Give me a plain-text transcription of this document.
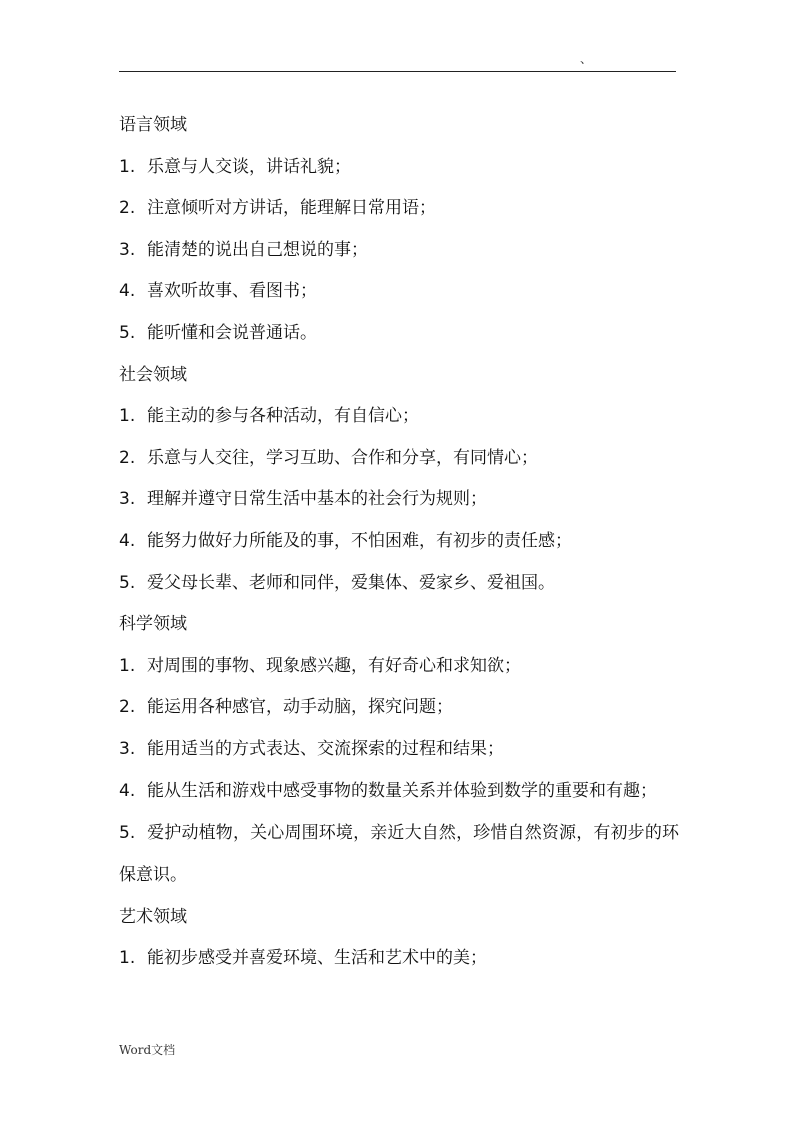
、

语言领域

1. 乐意与人交谈，讲话礼貌；

2. 注意倾听对方讲话，能理解日常用语；

3. 能清楚的说出自己想说的事；

4. 喜欢听故事、看图书；

5. 能听懂和会说普通话。

社会领域

1. 能主动的参与各种活动，有自信心；

2. 乐意与人交往，学习互助、合作和分享，有同情心；

3. 理解并遵守日常生活中基本的社会行为规则；

4. 能努力做好力所能及的事，不怕困难，有初步的责任感；

5. 爱父母长辈、老师和同伴，爱集体、爱家乡、爱祖国。

科学领域

1. 对周围的事物、现象感兴趣，有好奇心和求知欲；

2. 能运用各种感官，动手动脑，探究问题；

3. 能用适当的方式表达、交流探索的过程和结果；

4. 能从生活和游戏中感受事物的数量关系并体验到数学的重要和有趣；

5. 爱护动植物，关心周围环境，亲近大自然，珍惜自然资源，有初步的环保意识。

艺术领域

1. 能初步感受并喜爱环境、生活和艺术中的美；

Word文档
